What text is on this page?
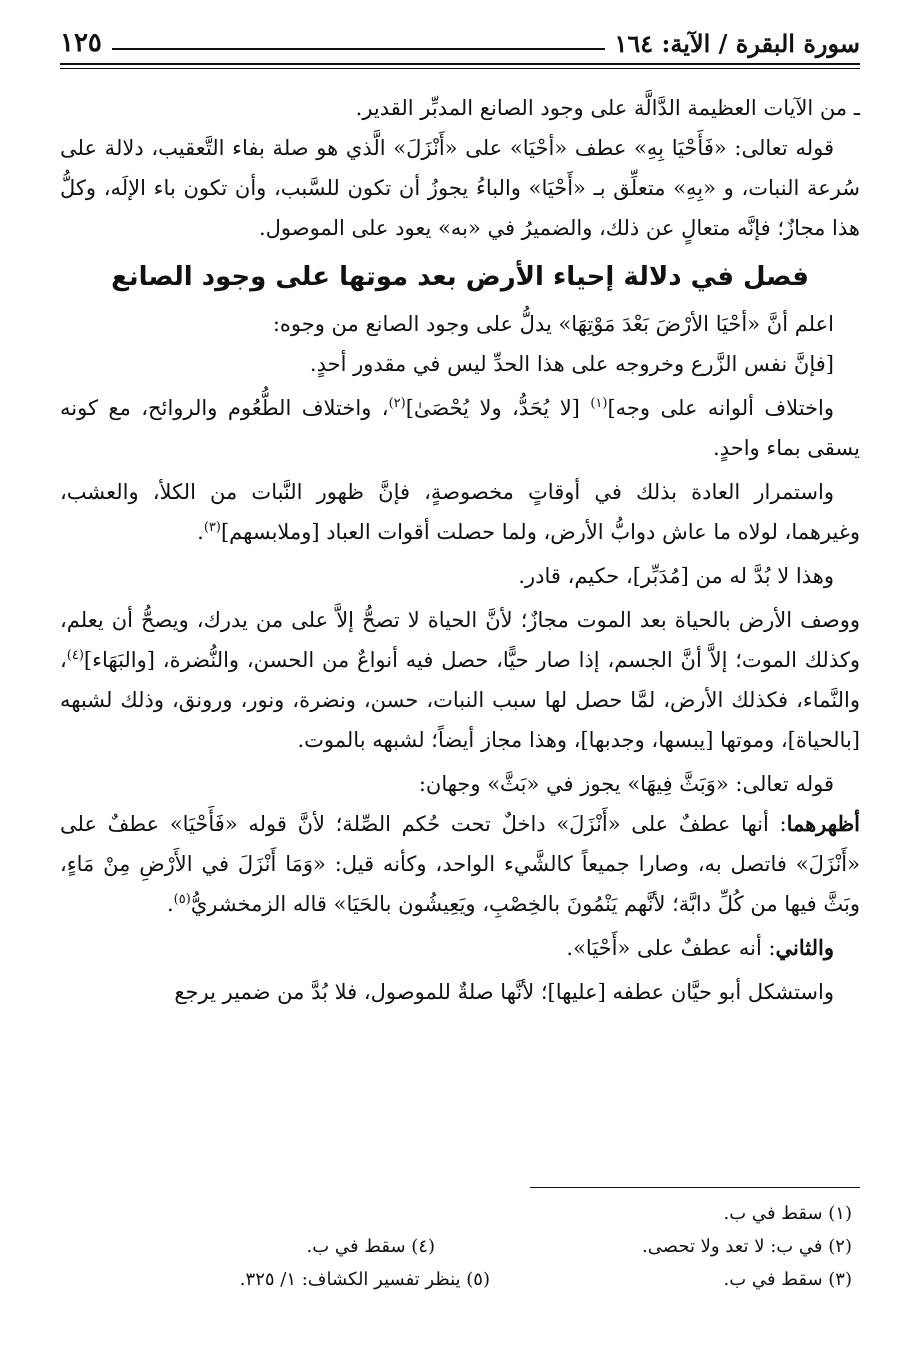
سورة البقرة / الآية: ١٦٤
١٢٥

ـ من الآيات العظيمة الدَّالَّة على وجود الصانع المدبِّر القدير.

قوله تعالى: «فَأَحْيَا بِهِ» عطف «أحْيَا» على «أَنْزَلَ» الَّذي هو صلة بفاء التَّعقيب، دلالة على سُرعة النبات، و «بِهِ» متعلِّق بـ «أَحْيَا» والباءُ يجوزُ أن تكون للسَّبب، وأن تكون باء الإلَه، وكلُّ هذا مجازٌ؛ فإنَّه متعالٍ عن ذلك، والضميرُ في «به» يعود على الموصول.

فصل في دلالة إحياء الأرض بعد موتها على وجود الصانع

اعلم أنَّ «أحْيَا الأرْضَ بَعْدَ مَوْتِهَا» يدلُّ على وجود الصانع من وجوه:

[فإنَّ نفس الزَّرع وخروجه على هذا الحدِّ ليس في مقدور أحدٍ.

واختلاف ألوانه على وجه]$^{(١)}$ [لا يُحَدُّ، ولا يُحْصَىٰ]$^{(٢)}$، واختلاف الطُّعُوم والروائح، مع كونه يسقى بماء واحدٍ.

واستمرار العادة بذلك في أوقاتٍ مخصوصةٍ، فإنَّ ظهور النَّبات من الكلأ، والعشب، وغيرهما، لولاه ما عاش دوابُّ الأرض، ولما حصلت أقوات العباد [وملابسهم]$^{(٣)}$.

وهذا لا بُدَّ له من [مُدَبِّر]، حكيم، قادر.

ووصف الأرض بالحياة بعد الموت مجازٌ؛ لأنَّ الحياة لا تصحُّ إلاَّ على من يدرك، ويصحُّ أن يعلم، وكذلك الموت؛ إلاَّ أنَّ الجسم، إذا صار حيًّا، حصل فيه أنواعٌ من الحسن، والنُّضرة، [والبَهَاء]$^{(٤)}$، والنَّماء، فكذلك الأرض، لمَّا حصل لها سبب النبات، حسن، ونضرة، ونور، ورونق، وذلك لشبهه [بالحياة]، وموتها [يبسها، وجدبها]، وهذا مجاز أيضاً؛ لشبهه بالموت.

قوله تعالى: «وَبَثَّ فِيهَا» يجوز في «بَثَّ» وجهان:

أظهرهما: أنها عطفٌ على «أَنْزَلَ» داخلٌ تحت حُكم الصِّلة؛ لأنَّ قوله «فَأَحْيَا» عطفٌ على «أَنْزَلَ» فاتصل به، وصارا جميعاً كالشَّيء الواحد، وكأنه قيل: «وَمَا أَنْزَلَ في الأَرْضِ مِنْ مَاءٍ، وبَثَّ فيها من كُلِّ دابَّة؛ لأنَّهم يَنْمُونَ بالخِصْبِ، ويَعِيشُون بالحَيَا» قاله الزمخشريُّ$^{(٥)}$.

والثاني: أنه عطفٌ على «أَحْيَا».

واستشكل أبو حيَّان عطفه [عليها]؛ لأنَّها صلةٌ للموصول، فلا بُدَّ من ضمير يرجع

(١) سقط في ب.
(٢) في ب: لا تعد ولا تحصى.
(٣) سقط في ب.
(٤) سقط في ب.
(٥) ينظر تفسير الكشاف: ١/ ٣٢٥.
